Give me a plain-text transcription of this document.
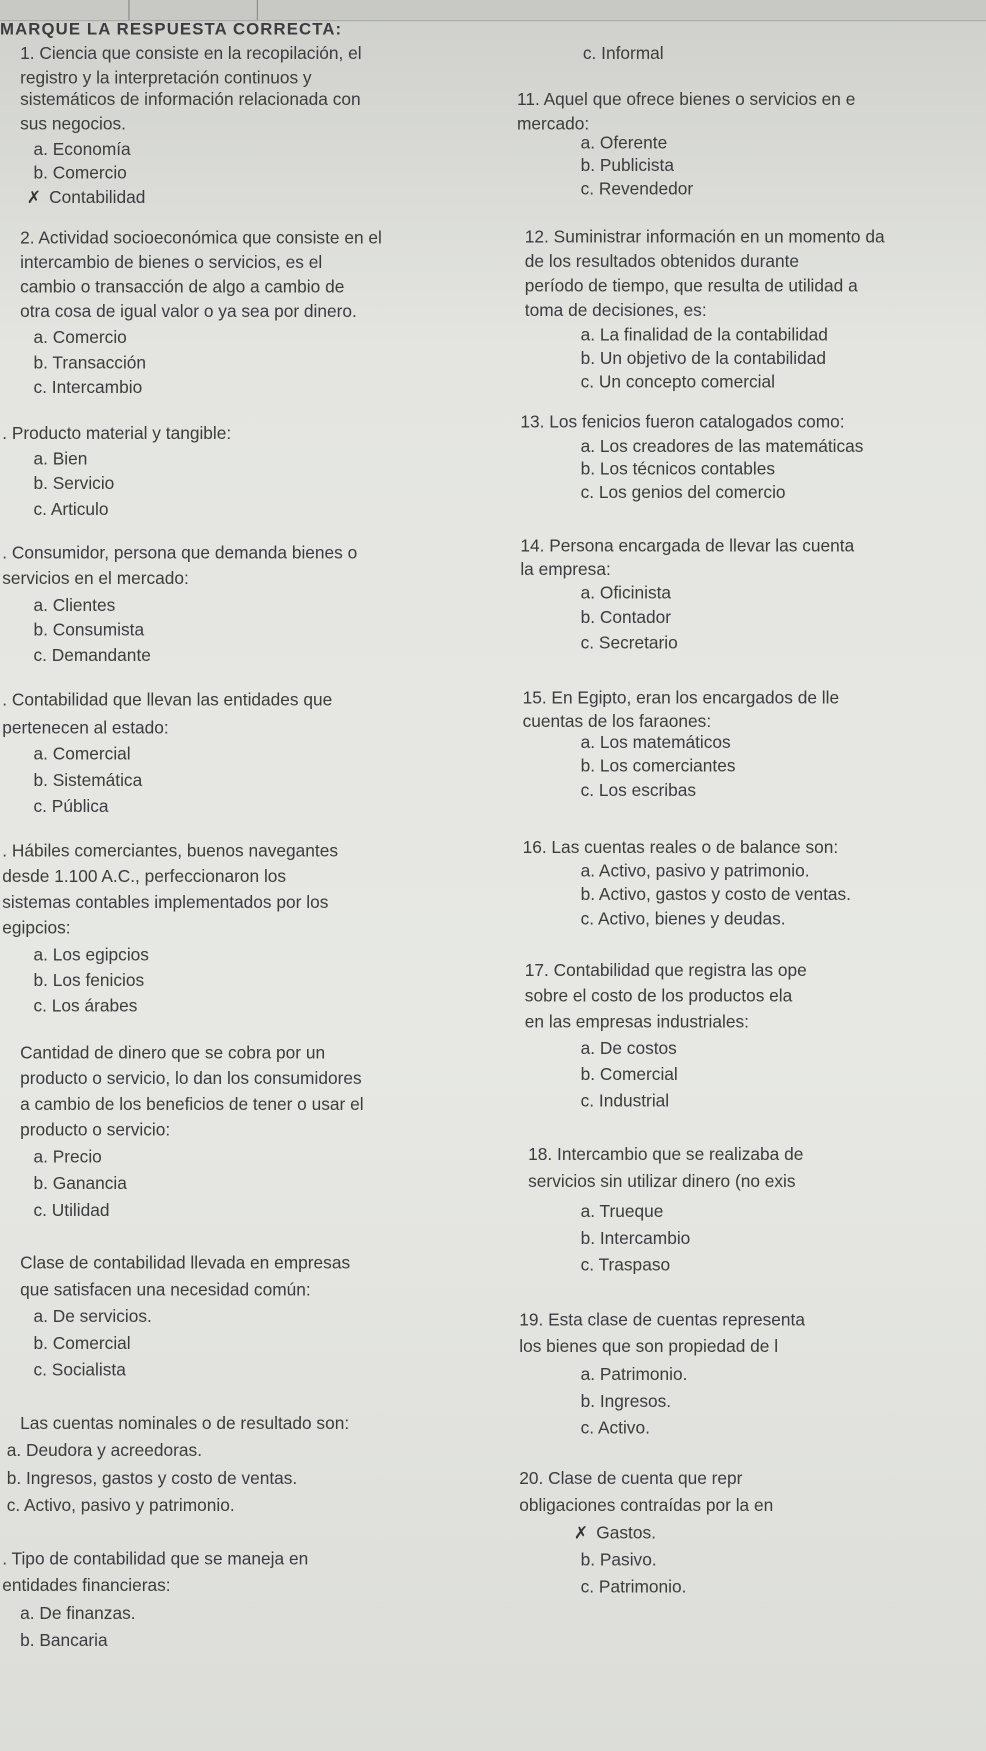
MARQUE LA RESPUESTA CORRECTA:
c. Informal
1. Ciencia que consiste en la recopilación, el
registro y la interpretación continuos y
sistemáticos de información relacionada con
sus negocios.
a. Economía
b. Comercio
Contabilidad
✗
2. Actividad socioeconómica que consiste en el
intercambio de bienes o servicios, es el
cambio o transacción de algo a cambio de
otra cosa de igual valor o ya sea por dinero.
a. Comercio
b. Transacción
c. Intercambio
. Producto material y tangible:
a. Bien
b. Servicio
c. Articulo
. Consumidor, persona que demanda bienes o
servicios en el mercado:
a. Clientes
b. Consumista
c. Demandante
. Contabilidad que llevan las entidades que
pertenecen al estado:
a. Comercial
b. Sistemática
c. Pública
. Hábiles comerciantes, buenos navegantes
desde 1.100 A.C., perfeccionaron los
sistemas contables implementados por los
egipcios:
a. Los egipcios
b. Los fenicios
c. Los árabes
Cantidad de dinero que se cobra por un
producto o servicio, lo dan los consumidores
a cambio de los beneficios de tener o usar el
producto o servicio:
a. Precio
b. Ganancia
c. Utilidad
Clase de contabilidad llevada en empresas
que satisfacen una necesidad común:
a. De servicios.
b. Comercial
c. Socialista
Las cuentas nominales o de resultado son:
a. Deudora y acreedoras.
b. Ingresos, gastos y costo de ventas.
c. Activo, pasivo y patrimonio.
. Tipo de contabilidad que se maneja en
entidades financieras:
a. De finanzas.
b. Bancaria
11. Aquel que ofrece bienes o servicios en e
mercado:
a. Oferente
b. Publicista
c. Revendedor
12. Suministrar información en un momento da
de los resultados obtenidos durante
período de tiempo, que resulta de utilidad a
toma de decisiones, es:
a. La finalidad de la contabilidad
b. Un objetivo de la contabilidad
c. Un concepto comercial
13. Los fenicios fueron catalogados como:
a. Los creadores de las matemáticas
b. Los técnicos contables
c. Los genios del comercio
14. Persona encargada de llevar las cuenta
la empresa:
a. Oficinista
b. Contador
c. Secretario
15. En Egipto, eran los encargados de lle
cuentas de los faraones:
a. Los matemáticos
b. Los comerciantes
c. Los escribas
16. Las cuentas reales o de balance son:
a. Activo, pasivo y patrimonio.
b. Activo, gastos y costo de ventas.
c. Activo, bienes y deudas.
17. Contabilidad que registra las ope
sobre el costo de los productos ela
en las empresas industriales:
a. De costos
b. Comercial
c. Industrial
18. Intercambio que se realizaba de
servicios sin utilizar dinero (no exis
a. Trueque
b. Intercambio
c. Traspaso
19. Esta clase de cuentas representa
los bienes que son propiedad de l
a. Patrimonio.
b. Ingresos.
c. Activo.
20. Clase de cuenta que repr
obligaciones contraídas por la en
Gastos.
✗
b. Pasivo.
c. Patrimonio.
